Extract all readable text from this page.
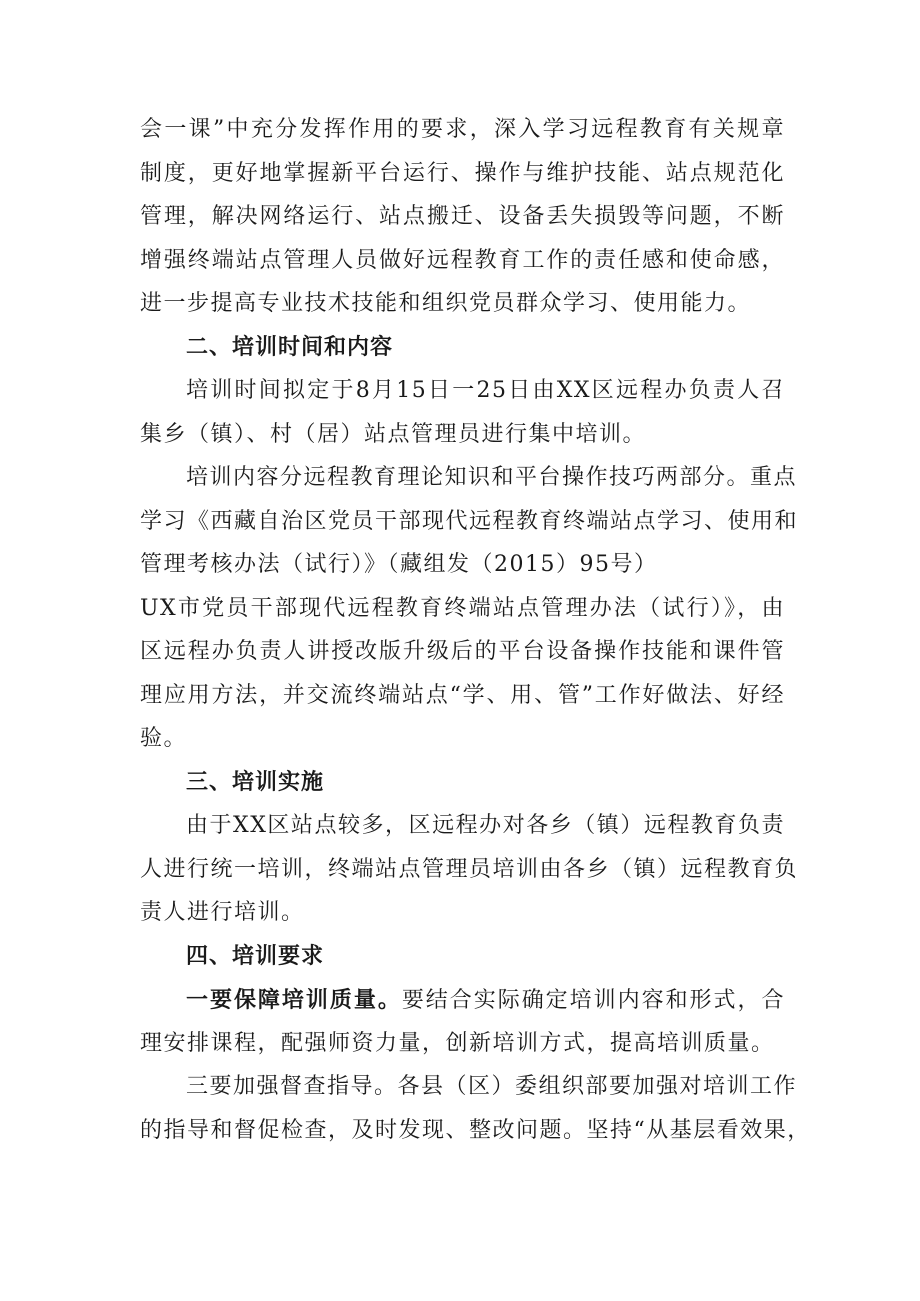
会一课”中充分发挥作用的要求，深入学习远程教育有关规章
制度，更好地掌握新平台运行、操作与维护技能、站点规范化
管理，解决网络运行、站点搬迁、设备丢失损毁等问题，不断
增强终端站点管理人员做好远程教育工作的责任感和使命感，
进一步提高专业技术技能和组织党员群众学习、使用能力。
二、培训时间和内容
培训时间拟定于8月15日一25日由XX区远程办负责人召
集乡（镇）、村（居）站点管理员进行集中培训。
培训内容分远程教育理论知识和平台操作技巧两部分。重点
学习《西藏自治区党员干部现代远程教育终端站点学习、使用和
管理考核办法（试行）》（藏组发（2015）95号）
UX市党员干部现代远程教育终端站点管理办法（试行）》，由
区远程办负责人讲授改版升级后的平台设备操作技能和课件管
理应用方法，并交流终端站点“学、用、管”工作好做法、好经
验。
三、培训实施
由于XX区站点较多，区远程办对各乡（镇）远程教育负责
人进行统一培训，终端站点管理员培训由各乡（镇）远程教育负
责人进行培训。
四、培训要求
一要保障培训质量。要结合实际确定培训内容和形式，合
理安排课程，配强师资力量，创新培训方式，提高培训质量。
三要加强督查指导。各县（区）委组织部要加强对培训工作
的指导和督促检查，及时发现、整改问题。坚持“从基层看效果，
